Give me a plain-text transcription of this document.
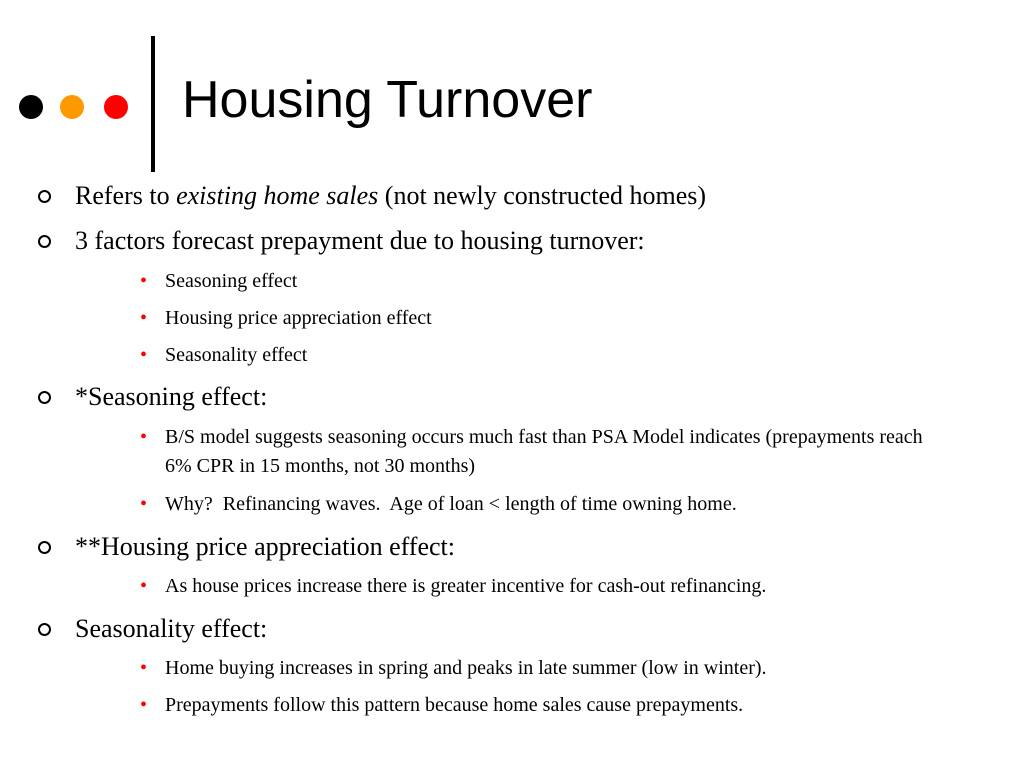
Housing Turnover
Refers to existing home sales (not newly constructed homes)
3 factors forecast prepayment due to housing turnover:
• Seasoning effect
• Housing price appreciation effect
• Seasonality effect
*Seasoning effect:
• B/S model suggests seasoning occurs much fast than PSA Model indicates (prepayments reach 6% CPR in 15 months, not 30 months)
• Why?  Refinancing waves.  Age of loan < length of time owning home.
**Housing price appreciation effect:
• As house prices increase there is greater incentive for cash-out refinancing.
Seasonality effect:
• Home buying increases in spring and peaks in late summer (low in winter).
• Prepayments follow this pattern because home sales cause prepayments.
